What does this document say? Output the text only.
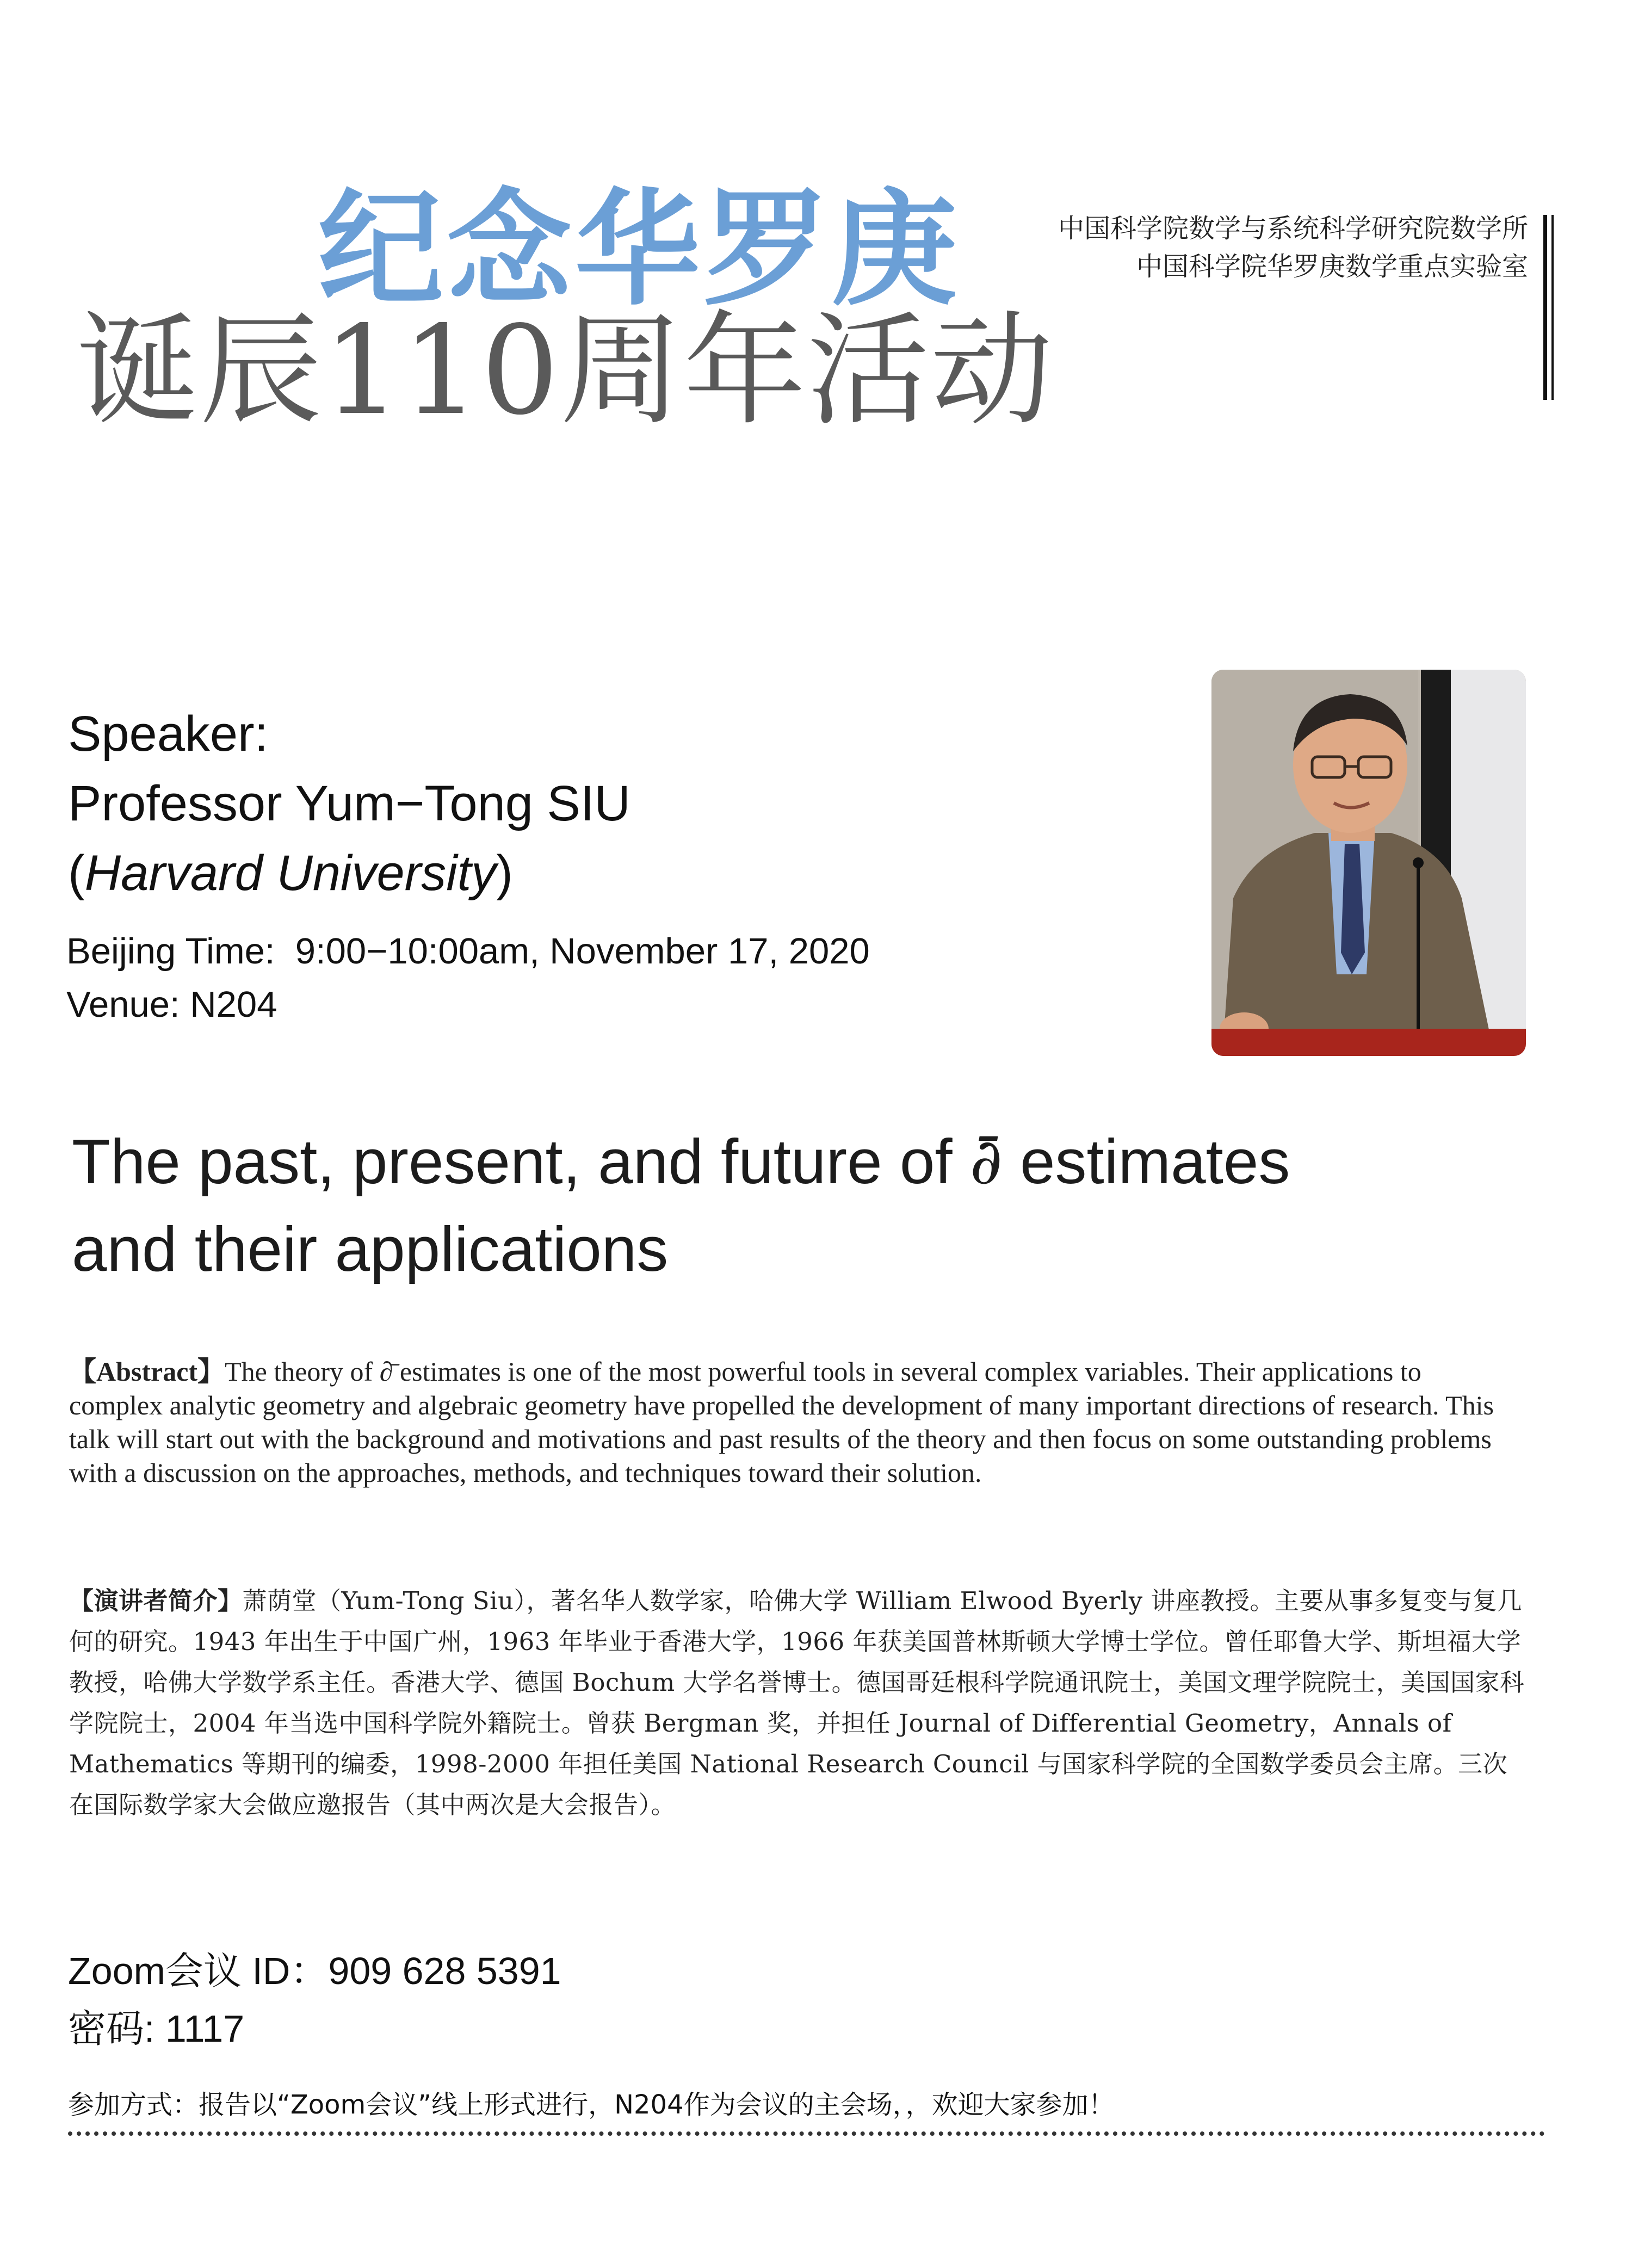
纪念华罗庚
诞辰110周年活动
中国科学院数学与系统科学研究院数学所
中国科学院华罗庚数学重点实验室
Speaker:
Professor Yum−Tong SIU
(Harvard University)
Beijing Time: 9:00−10:00am, November 17, 2020
Venue: N204
The past, present, and future of ∂̄ estimates
and their applications
【Abstract】The theory of ∂̄ estimates is one of the most powerful tools in several complex variables. Their applications to complex analytic geometry and algebraic geometry have propelled the development of many important directions of research. This talk will start out with the background and motivations and past results of the theory and then focus on some outstanding problems with a discussion on the approaches, methods, and techniques toward their solution.
【演讲者简介】萧荫堂（Yum-Tong Siu），著名华人数学家，哈佛大学 William Elwood Byerly 讲座教授。主要从事多复变与复几何的研究。1943 年出生于中国广州，1963 年毕业于香港大学，1966 年获美国普林斯顿大学博士学位。曾任耶鲁大学、斯坦福大学教授，哈佛大学数学系主任。香港大学、德国 Bochum 大学名誉博士。德国哥廷根科学院通讯院士，美国文理学院院士，美国国家科学院院士，2004 年当选中国科学院外籍院士。曾获 Bergman 奖，并担任 Journal of Differential Geometry，Annals of Mathematics 等期刊的编委，1998-2000 年担任美国 National Research Council 与国家科学院的全国数学委员会主席。三次在国际数学家大会做应邀报告（其中两次是大会报告）。
Zoom会议 ID：909 628 5391
密码: 1117
参加方式：报告以“Zoom会议”线上形式进行，N204作为会议的主会场，，欢迎大家参加！
